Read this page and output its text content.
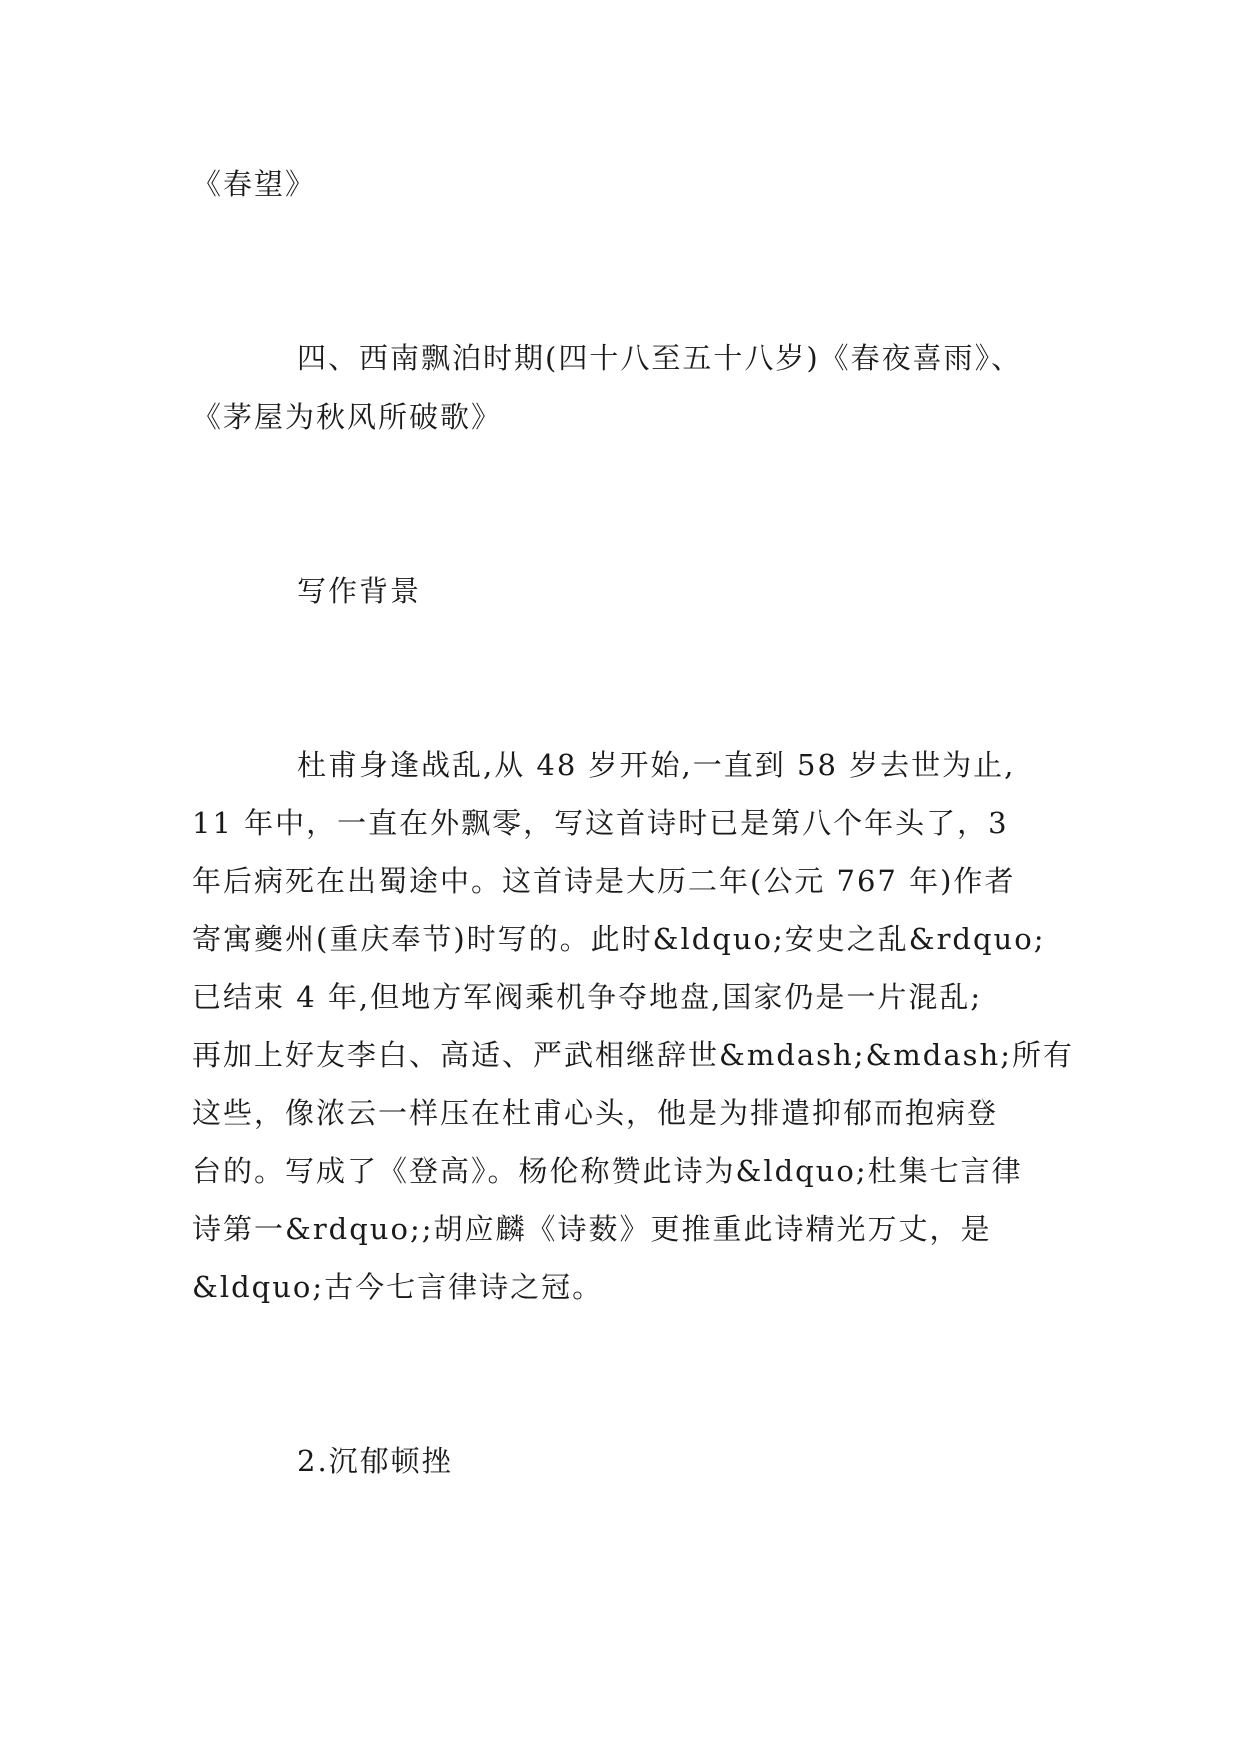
《春望》
四、西南飘泊时期(四十八至五十八岁)《春夜喜雨》、
《茅屋为秋风所破歌》
写作背景
杜甫身逢战乱,从 48 岁开始,一直到 58 岁去世为止,
11 年中，一直在外飘零，写这首诗时已是第八个年头了，3
年后病死在出蜀途中。这首诗是大历二年(公元 767 年)作者
寄寓夔州(重庆奉节)时写的。此时&ldquo;安史之乱&rdquo;
已结束 4 年,但地方军阀乘机争夺地盘,国家仍是一片混乱;
再加上好友李白、高适、严武相继辞世&mdash;&mdash;所有
这些，像浓云一样压在杜甫心头，他是为排遣抑郁而抱病登
台的。写成了《登高》。杨伦称赞此诗为&ldquo;杜集七言律
诗第一&rdquo;;胡应麟《诗薮》更推重此诗精光万丈，是
&ldquo;古今七言律诗之冠。
2.沉郁顿挫
